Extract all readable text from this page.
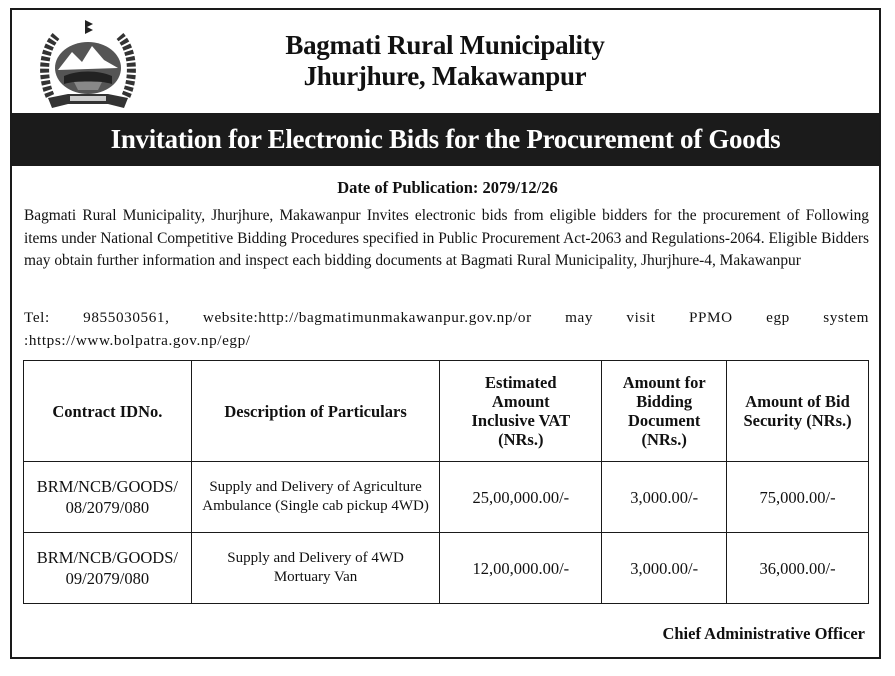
Bagmati Rural Municipality
Jhurjhure, Makawanpur
Invitation for Electronic Bids for the Procurement of Goods
Date of Publication: 2079/12/26
Bagmati Rural Municipality, Jhurjhure, Makawanpur Invites electronic bids from eligible bidders for the procurement of Following items under National Competitive Bidding Procedures specified in Public Procurement Act-2063 and Regulations-2064. Eligible Bidders may obtain further information and inspect each bidding documents at Bagmati Rural Municipality, Jhurjhure-4, Makawanpur
Tel: 9855030561, website:http://bagmatimunmakawanpur.gov.np/or may visit PPMO egp system :https://www.bolpatra.gov.np/egp/
Contract IDNo.	Description of Particulars	Estimated Amount Inclusive VAT (NRs.)	Amount for Bidding Document (NRs.)	Amount of Bid Security (NRs.)
BRM/NCB/GOODS/08/2079/080	Supply and Delivery of Agriculture Ambulance (Single cab pickup 4WD)	25,00,000.00/-	3,000.00/-	75,000.00/-
BRM/NCB/GOODS/09/2079/080	Supply and Delivery of 4WD Mortuary Van	12,00,000.00/-	3,000.00/-	36,000.00/-
Chief Administrative Officer
